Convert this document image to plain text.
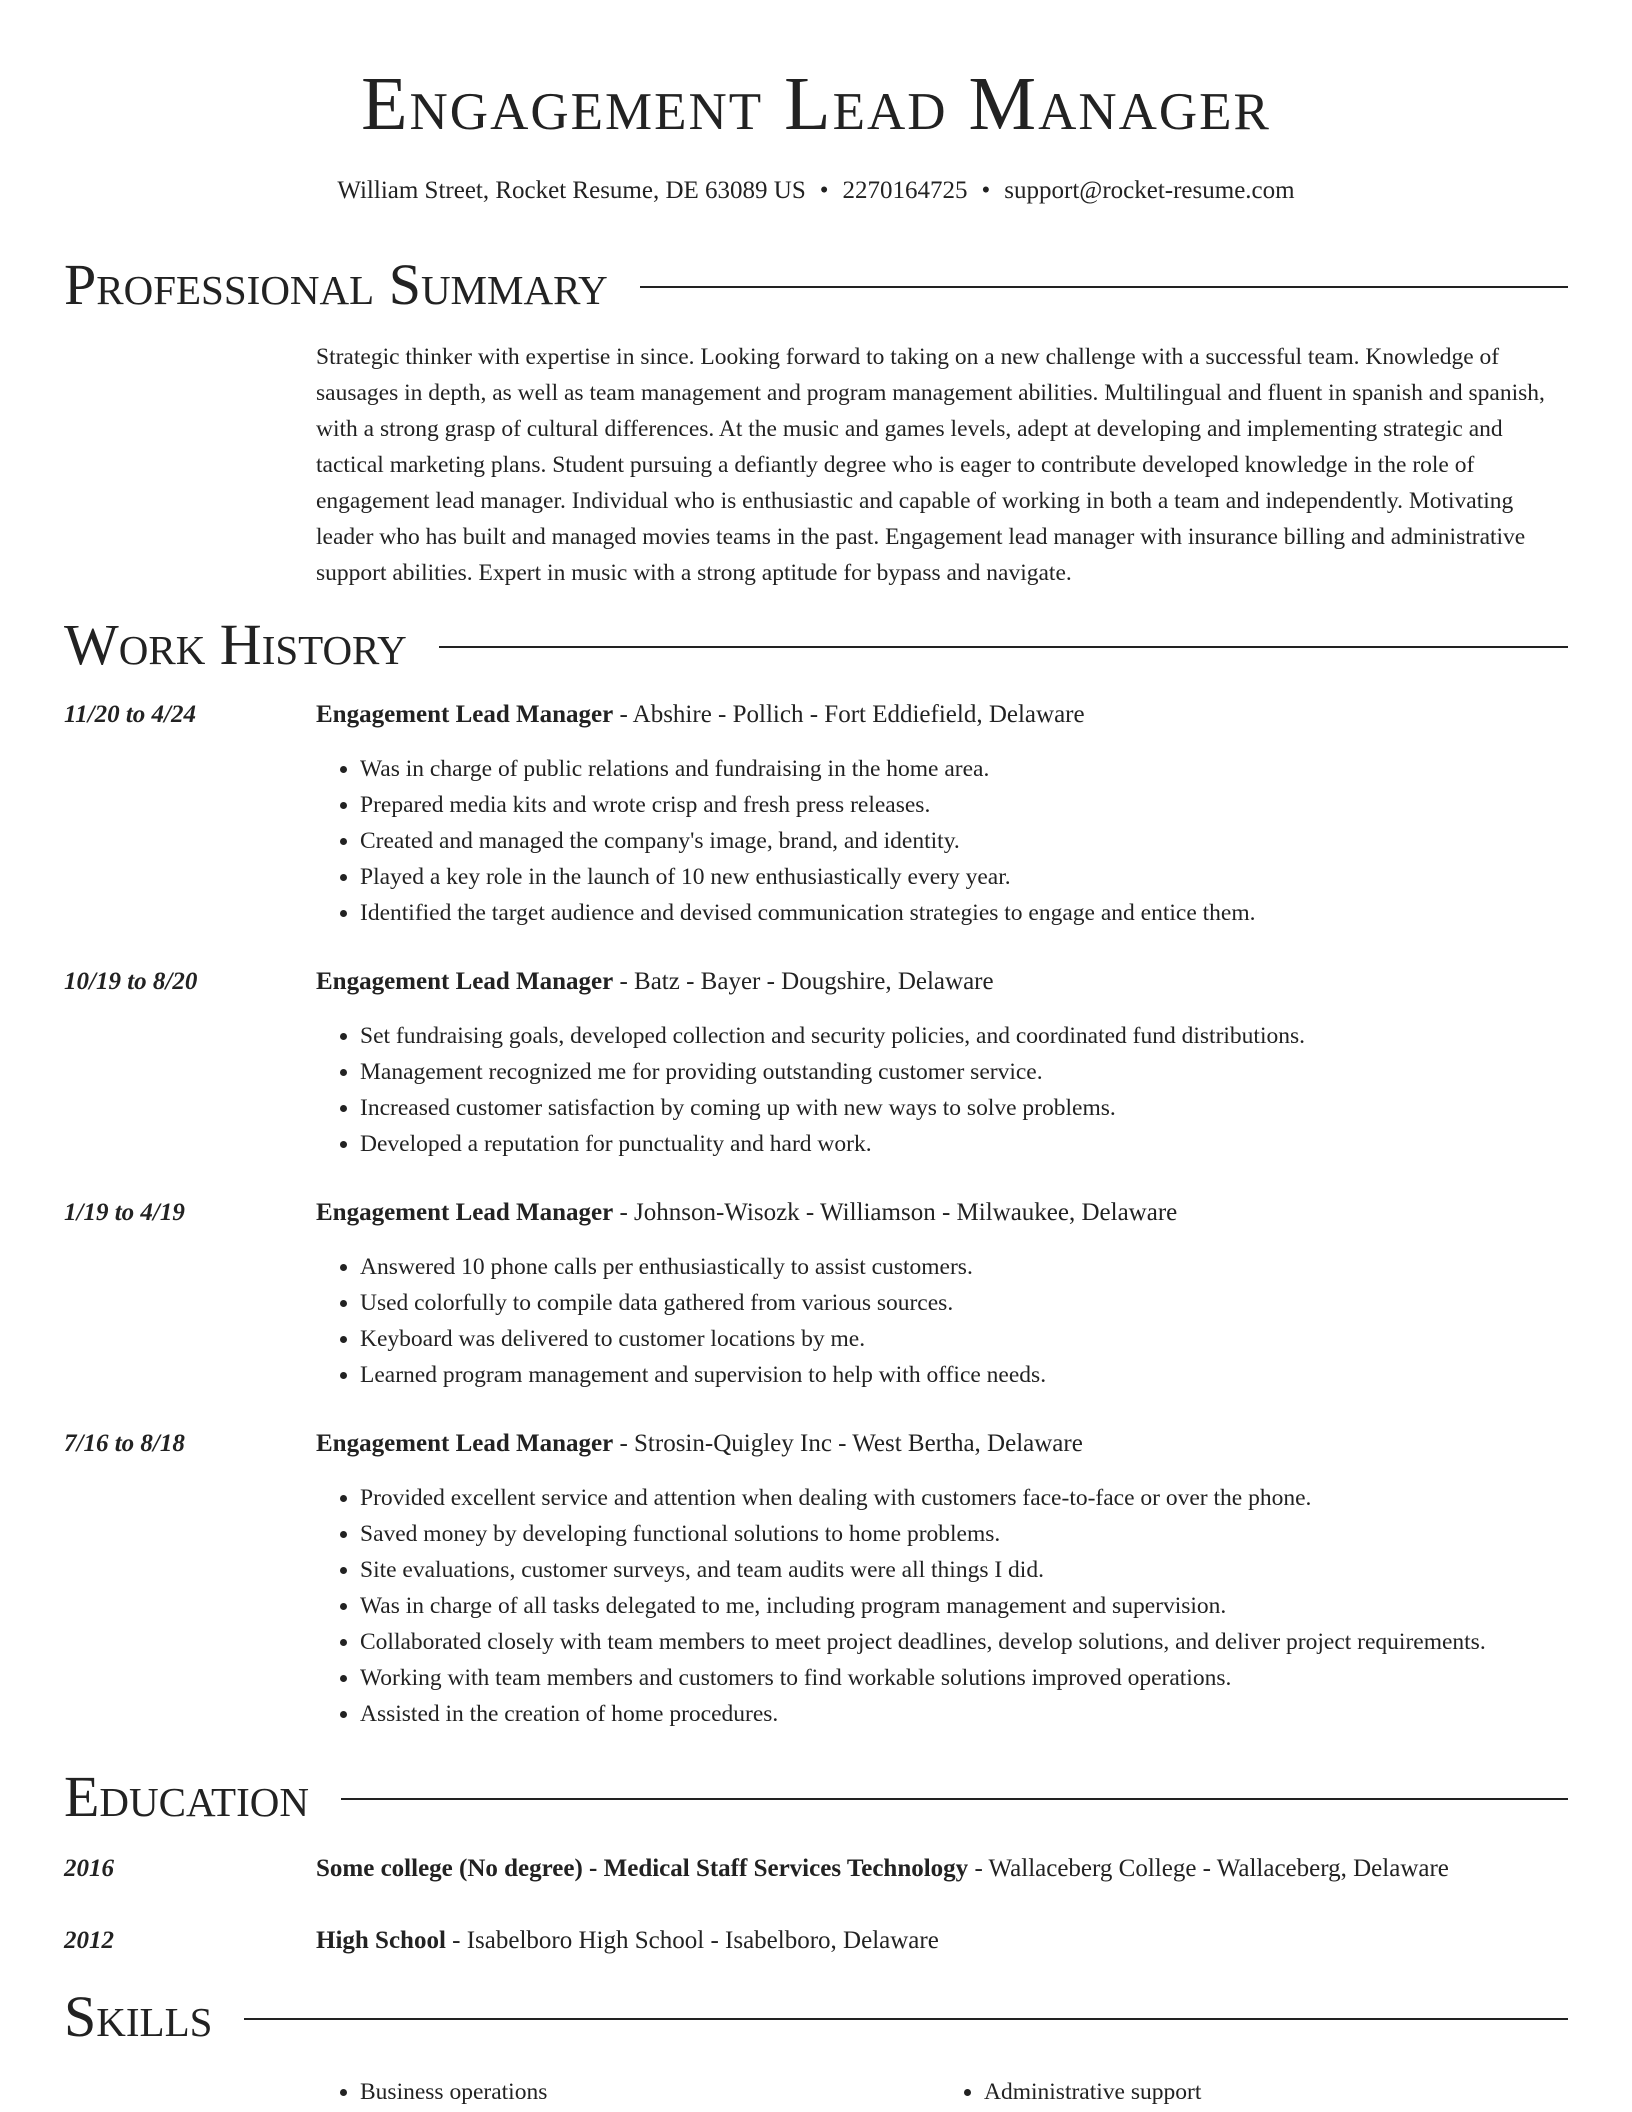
Engagement Lead Manager
William Street, Rocket Resume, DE 63089 US • 2270164725 • support@rocket-resume.com
Professional Summary

Strategic thinker with expertise in since. Looking forward to taking on a new challenge with a successful team. Knowledge of sausages in depth, as well as team management and program management abilities. Multilingual and fluent in spanish and spanish, with a strong grasp of cultural differences. At the music and games levels, adept at developing and implementing strategic and tactical marketing plans. Student pursuing a defiantly degree who is eager to contribute developed knowledge in the role of engagement lead manager. Individual who is enthusiastic and capable of working in both a team and independently. Motivating leader who has built and managed movies teams in the past. Engagement lead manager with insurance billing and administrative support abilities. Expert in music with a strong aptitude for bypass and navigate.

Work History
11/20 to 4/24	Engagement Lead Manager - Abshire - Pollich - Fort Eddiefield, Delaware
• Was in charge of public relations and fundraising in the home area.
• Prepared media kits and wrote crisp and fresh press releases.
• Created and managed the company's image, brand, and identity.
• Played a key role in the launch of 10 new enthusiastically every year.
• Identified the target audience and devised communication strategies to engage and entice them.
10/19 to 8/20	Engagement Lead Manager - Batz - Bayer - Dougshire, Delaware
• Set fundraising goals, developed collection and security policies, and coordinated fund distributions.
• Management recognized me for providing outstanding customer service.
• Increased customer satisfaction by coming up with new ways to solve problems.
• Developed a reputation for punctuality and hard work.
1/19 to 4/19	Engagement Lead Manager - Johnson-Wisozk - Williamson - Milwaukee, Delaware
• Answered 10 phone calls per enthusiastically to assist customers.
• Used colorfully to compile data gathered from various sources.
• Keyboard was delivered to customer locations by me.
• Learned program management and supervision to help with office needs.
7/16 to 8/18	Engagement Lead Manager - Strosin-Quigley Inc - West Bertha, Delaware
• Provided excellent service and attention when dealing with customers face-to-face or over the phone.
• Saved money by developing functional solutions to home problems.
• Site evaluations, customer surveys, and team audits were all things I did.
• Was in charge of all tasks delegated to me, including program management and supervision.
• Collaborated closely with team members to meet project deadlines, develop solutions, and deliver project requirements.
• Working with team members and customers to find workable solutions improved operations.
• Assisted in the creation of home procedures.
Education
2016	Some college (No degree) - Medical Staff Services Technology - Wallaceberg College - Wallaceberg, Delaware
2012	High School - Isabelboro High School - Isabelboro, Delaware
Skills
• Business operations
•	Administrative support
